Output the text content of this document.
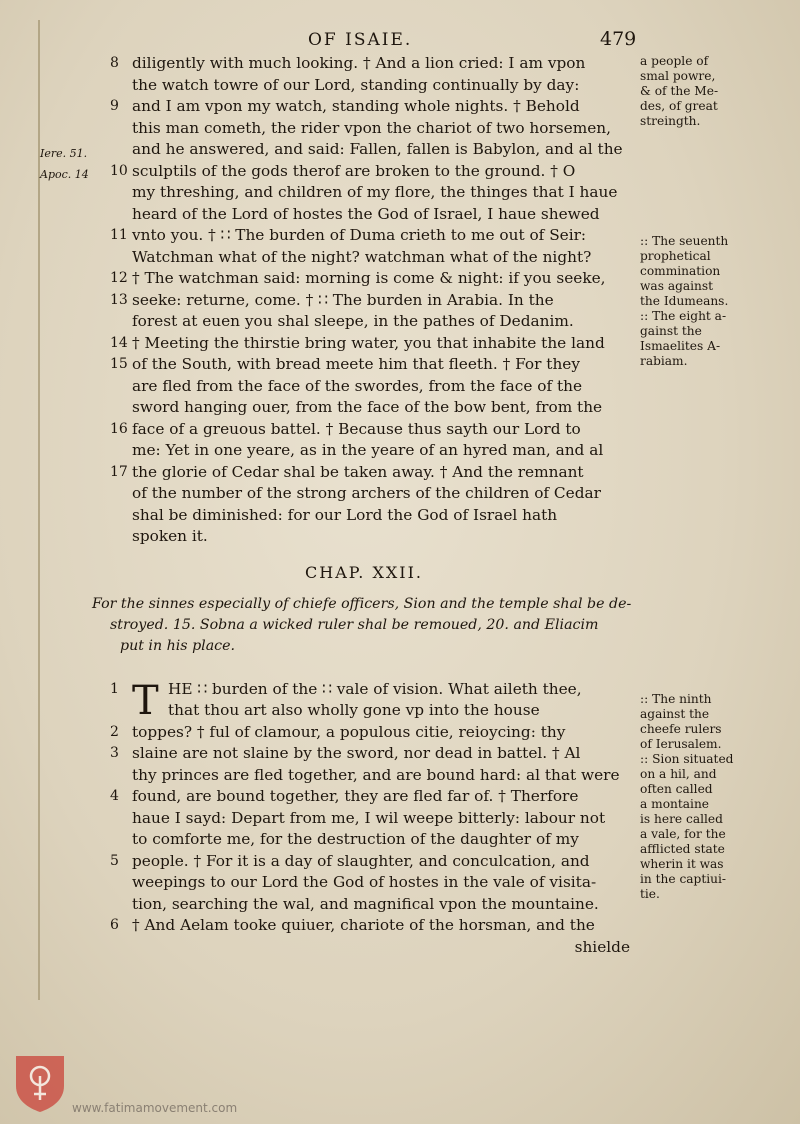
OF ISAIE.	479
Iere. 51.
Apoc. 14
8 diligently with much looking. † And a lion cried: I am vpon
the watch towre of our Lord, standing continually by day:
9 and I am vpon my watch, standing whole nights. † Behold
this man cometh, the rider vpon the chariot of two horsemen,
and he answered, and said: Fallen, fallen is Babylon, and al the
10 sculptils of the gods therof are broken to the ground. † O
my threshing, and children of my flore, the thinges that I haue
heard of the Lord of hostes the God of Israel, I haue shewed
11 vnto you. † ∷ The burden of Duma crieth to me out of Seir:
Watchman what of the night? watchman what of the night?
12 † The watchman said: morning is come & night: if you seeke,
13 seeke: returne, come. † ∷ The burden in Arabia. In the
forest at euen you shal sleepe, in the pathes of Dedanim.
14 † Meeting the thirstie bring water, you that inhabite the land
15 of the South, with bread meete him that fleeth. † For they
are fled from the face of the swordes, from the face of the
sword hanging ouer, from the face of the bow bent, from the
16 face of a greuous battel. † Because thus sayth our Lord to
me: Yet in one yeare, as in the yeare of an hyred man, and al
17 the glorie of Cedar shal be taken away. † And the remnant
of the number of the strong archers of the children of Cedar
shal be diminished: for our Lord the God of Israel hath
spoken it.
CHAP. XXII.
For the sinnes especially of chiefe officers, Sion and the temple shal be de-
stroyed. 15. Sobna a wicked ruler shal be remoued, 20. and Eliacim
put in his place.
T
1	HE ∷ burden of the ∷ vale of vision. What aileth thee,
that thou art also wholly gone vp into the house
2 toppes? † ful of clamour, a populous citie, reioycing: thy
3 slaine are not slaine by the sword, nor dead in battel. † Al
thy princes are fled together, and are bound hard: al that were
4 found, are bound together, they are fled far of. † Therfore
haue I sayd: Depart from me, I wil weepe bitterly: labour not
to comforte me, for the destruction of the daughter of my
5 people. † For it is a day of slaughter, and conculcation, and
weepings to our Lord the God of hostes in the vale of visita-
tion, searching the wal, and magnifical vpon the mountaine.
6 † And Aelam tooke quiuer, chariote of the horsman, and the
shielde
a people of
smal powre,
& of the Me-
des, of great
streingth.
:: The seuenth
prophetical
commination
was against
the Idumeans.
:: The eight a-
gainst the
Ismaelites A-
rabiam.
:: The ninth
against the
cheefe rulers
of Ierusalem.
:: Sion situated
on a hil, and
often called
a montaine
is here called
a vale, for the
afflicted state
wherin it was
in the captiui-
tie.
www.fatimamovement.com
